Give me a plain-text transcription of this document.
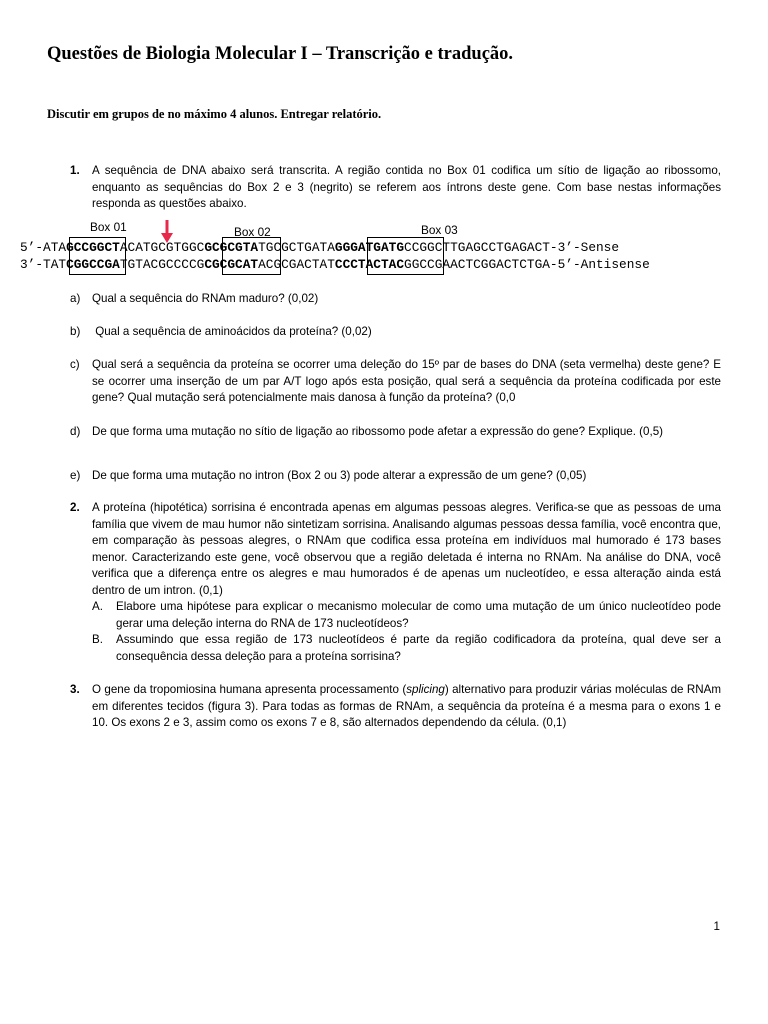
Questões de Biologia Molecular I – Transcrição e tradução.
Discutir em grupos de no máximo 4 alunos. Entregar relatório.
1. A sequência de DNA abaixo será transcrita. A região contida no Box 01 codifica um sítio de ligação ao ribossomo, enquanto as sequências do Box 2 e 3 (negrito) se referem aos íntrons deste gene. Com base nestas informações responda as questões abaixo.
Box 01	Box 02	Box 03
5’-ATAGCCGGCTACATGCGTGGCGCGCGTATGCGCTGATAGGGATGATGCCGGCTTGAGCCTGAGACT-3’-Sense
3’-TATCGGCCGATGTACGCCCCGCGCGCATACGCGACTATCCCTACTACGGCCGAACTCGGACTCTGA-5’-Antisense
a) Qual a sequência do RNAm maduro? (0,02)
b) Qual a sequência de aminoácidos da proteína? (0,02)
c) Qual será a sequência da proteína se ocorrer uma deleção do 15º par de bases do DNA (seta vermelha) deste gene? E se ocorrer uma inserção de um par A/T logo após esta posição, qual será a sequência da proteína codificada por este gene? Qual mutação será potencialmente mais danosa à função da proteína? (0,0
d) De que forma uma mutação no sítio de ligação ao ribossomo pode afetar a expressão do gene? Explique. (0,5)
e) De que forma uma mutação no intron (Box 2 ou 3) pode alterar a expressão de um gene? (0,05)
2. A proteína (hipotética) sorrisina é encontrada apenas em algumas pessoas alegres. Verifica-se que as pessoas de uma família que vivem de mau humor não sintetizam sorrisina. Analisando algumas pessoas dessa família, você encontra que, em comparação às pessoas alegres, o RNAm que codifica essa proteína em indivíduos mal humorado é 173 bases menor. Caracterizando este gene, você observou que a região deletada é interna no RNAm. Na análise do DNA, você verifica que a diferença entre os alegres e mau humorados é de apenas um nucleotídeo, e essa alteração ainda está dentro de um intron. (0,1)
A. Elabore uma hipótese para explicar o mecanismo molecular de como uma mutação de um único nucleotídeo pode gerar uma deleção interna do RNA de 173 nucleotídeos?
B. Assumindo que essa região de 173 nucleotídeos é parte da região codificadora da proteína, qual deve ser a consequência dessa deleção para a proteína sorrisina?
3. O gene da tropomiosina humana apresenta processamento (splicing) alternativo para produzir várias moléculas de RNAm em diferentes tecidos (figura 3). Para todas as formas de RNAm, a sequência da proteína é a mesma para o exons 1 e 10. Os exons 2 e 3, assim como os exons 7 e 8, são alternados dependendo da célula. (0,1)
1
